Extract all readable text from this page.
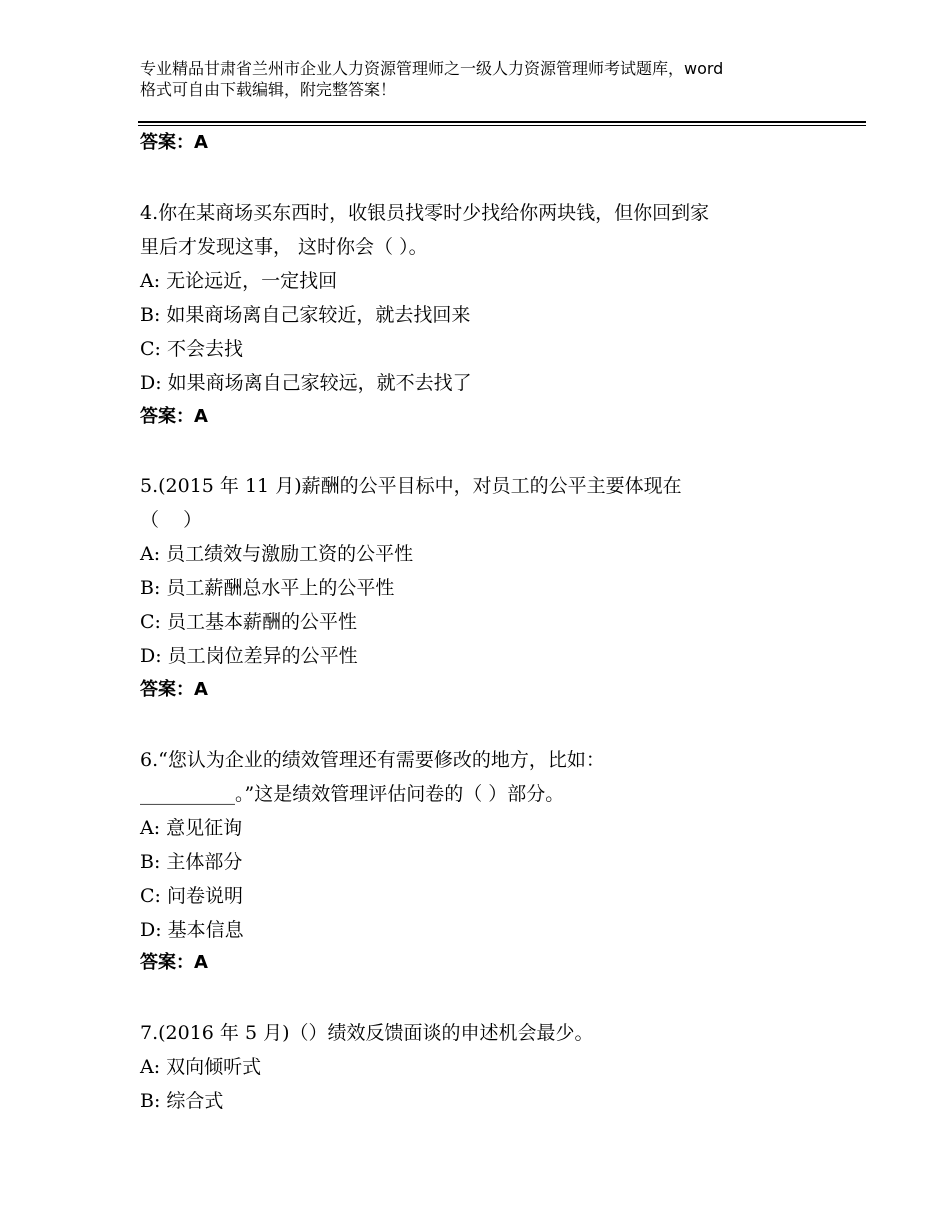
专业精品甘肃省兰州市企业人力资源管理师之一级人力资源管理师考试题库，word
格式可自由下载编辑，附完整答案！
答案：A
4.你在某商场买东西时，收银员找零时少找给你两块钱，但你回到家
里后才发现这事， 这时你会（ ）。
A: 无论远近，一定找回
B: 如果商场离自己家较近，就去找回来
C: 不会去找
D: 如果商场离自己家较远，就不去找了
答案：A
5.(2015 年 11 月)薪酬的公平目标中，对员工的公平主要体现在
（    ）
A: 员工绩效与激励工资的公平性
B: 员工薪酬总水平上的公平性
C: 员工基本薪酬的公平性
D: 员工岗位差异的公平性
答案：A
6.“您认为企业的绩效管理还有需要修改的地方，比如：
__________。”这是绩效管理评估问卷的（ ）部分。
A: 意见征询
B: 主体部分
C: 问卷说明
D: 基本信息
答案：A
7.(2016 年 5 月)（）绩效反馈面谈的申述机会最少。
A: 双向倾听式
B: 综合式
